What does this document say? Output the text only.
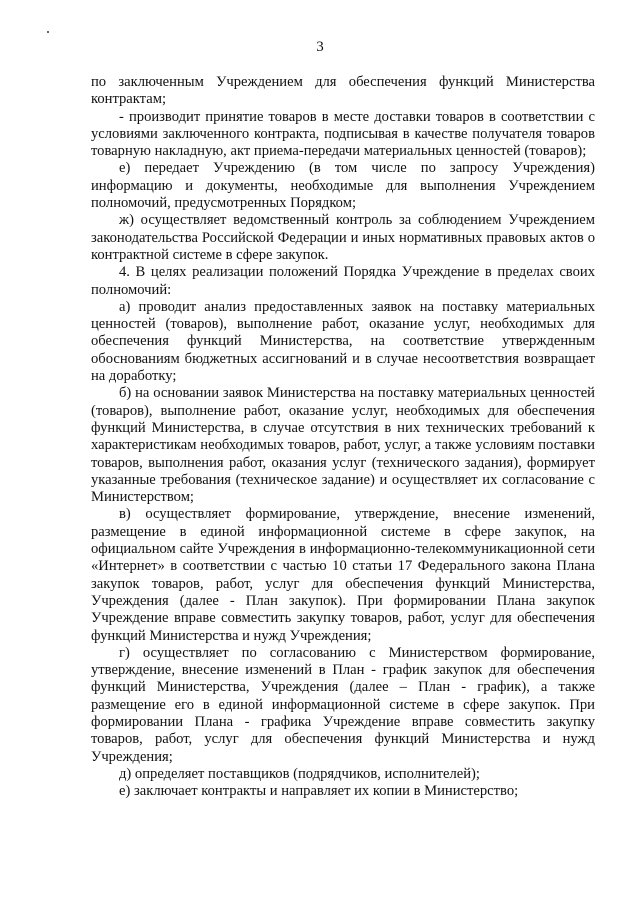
3

по заключенным Учреждением для обеспечения функций Министерства контрактам;

- производит принятие товаров в месте доставки товаров в соответствии с условиями заключенного контракта, подписывая в качестве получателя товаров товарную накладную, акт приема-передачи материальных ценностей (товаров);

е) передает Учреждению (в том числе по запросу Учреждения) информацию и документы, необходимые для выполнения Учреждением полномочий, предусмотренных Порядком;

ж) осуществляет ведомственный контроль за соблюдением Учреждением законодательства Российской Федерации и иных нормативных правовых актов о контрактной системе в сфере закупок.

4. В целях реализации положений Порядка Учреждение в пределах своих полномочий:

а) проводит анализ предоставленных заявок на поставку материальных ценностей (товаров), выполнение работ, оказание услуг, необходимых для обеспечения функций Министерства, на соответствие утвержденным обоснованиям бюджетных ассигнований и в случае несоответствия возвращает на доработку;

б) на основании заявок Министерства на поставку материальных ценностей (товаров), выполнение работ, оказание услуг, необходимых для обеспечения функций Министерства, в случае отсутствия в них технических требований к характеристикам необходимых товаров, работ, услуг, а также условиям поставки товаров, выполнения работ, оказания услуг (технического задания), формирует указанные требования (техническое задание) и осуществляет их согласование с Министерством;

в) осуществляет формирование, утверждение, внесение изменений, размещение в единой информационной системе в сфере закупок, на официальном сайте Учреждения в информационно-телекоммуникационной сети «Интернет» в соответствии с частью 10 статьи 17 Федерального закона Плана закупок товаров, работ, услуг для обеспечения функций Министерства, Учреждения (далее - План закупок). При формировании Плана закупок Учреждение вправе совместить закупку товаров, работ, услуг для обеспечения функций Министерства и нужд Учреждения;

г) осуществляет по согласованию с Министерством формирование, утверждение, внесение изменений в План - график закупок для обеспечения функций Министерства, Учреждения (далее – План - график), а также размещение его в единой информационной системе в сфере закупок. При формировании Плана - графика Учреждение вправе совместить закупку товаров, работ, услуг для обеспечения функций Министерства и нужд Учреждения;

д) определяет поставщиков (подрядчиков, исполнителей);

е) заключает контракты и направляет их копии в Министерство;
